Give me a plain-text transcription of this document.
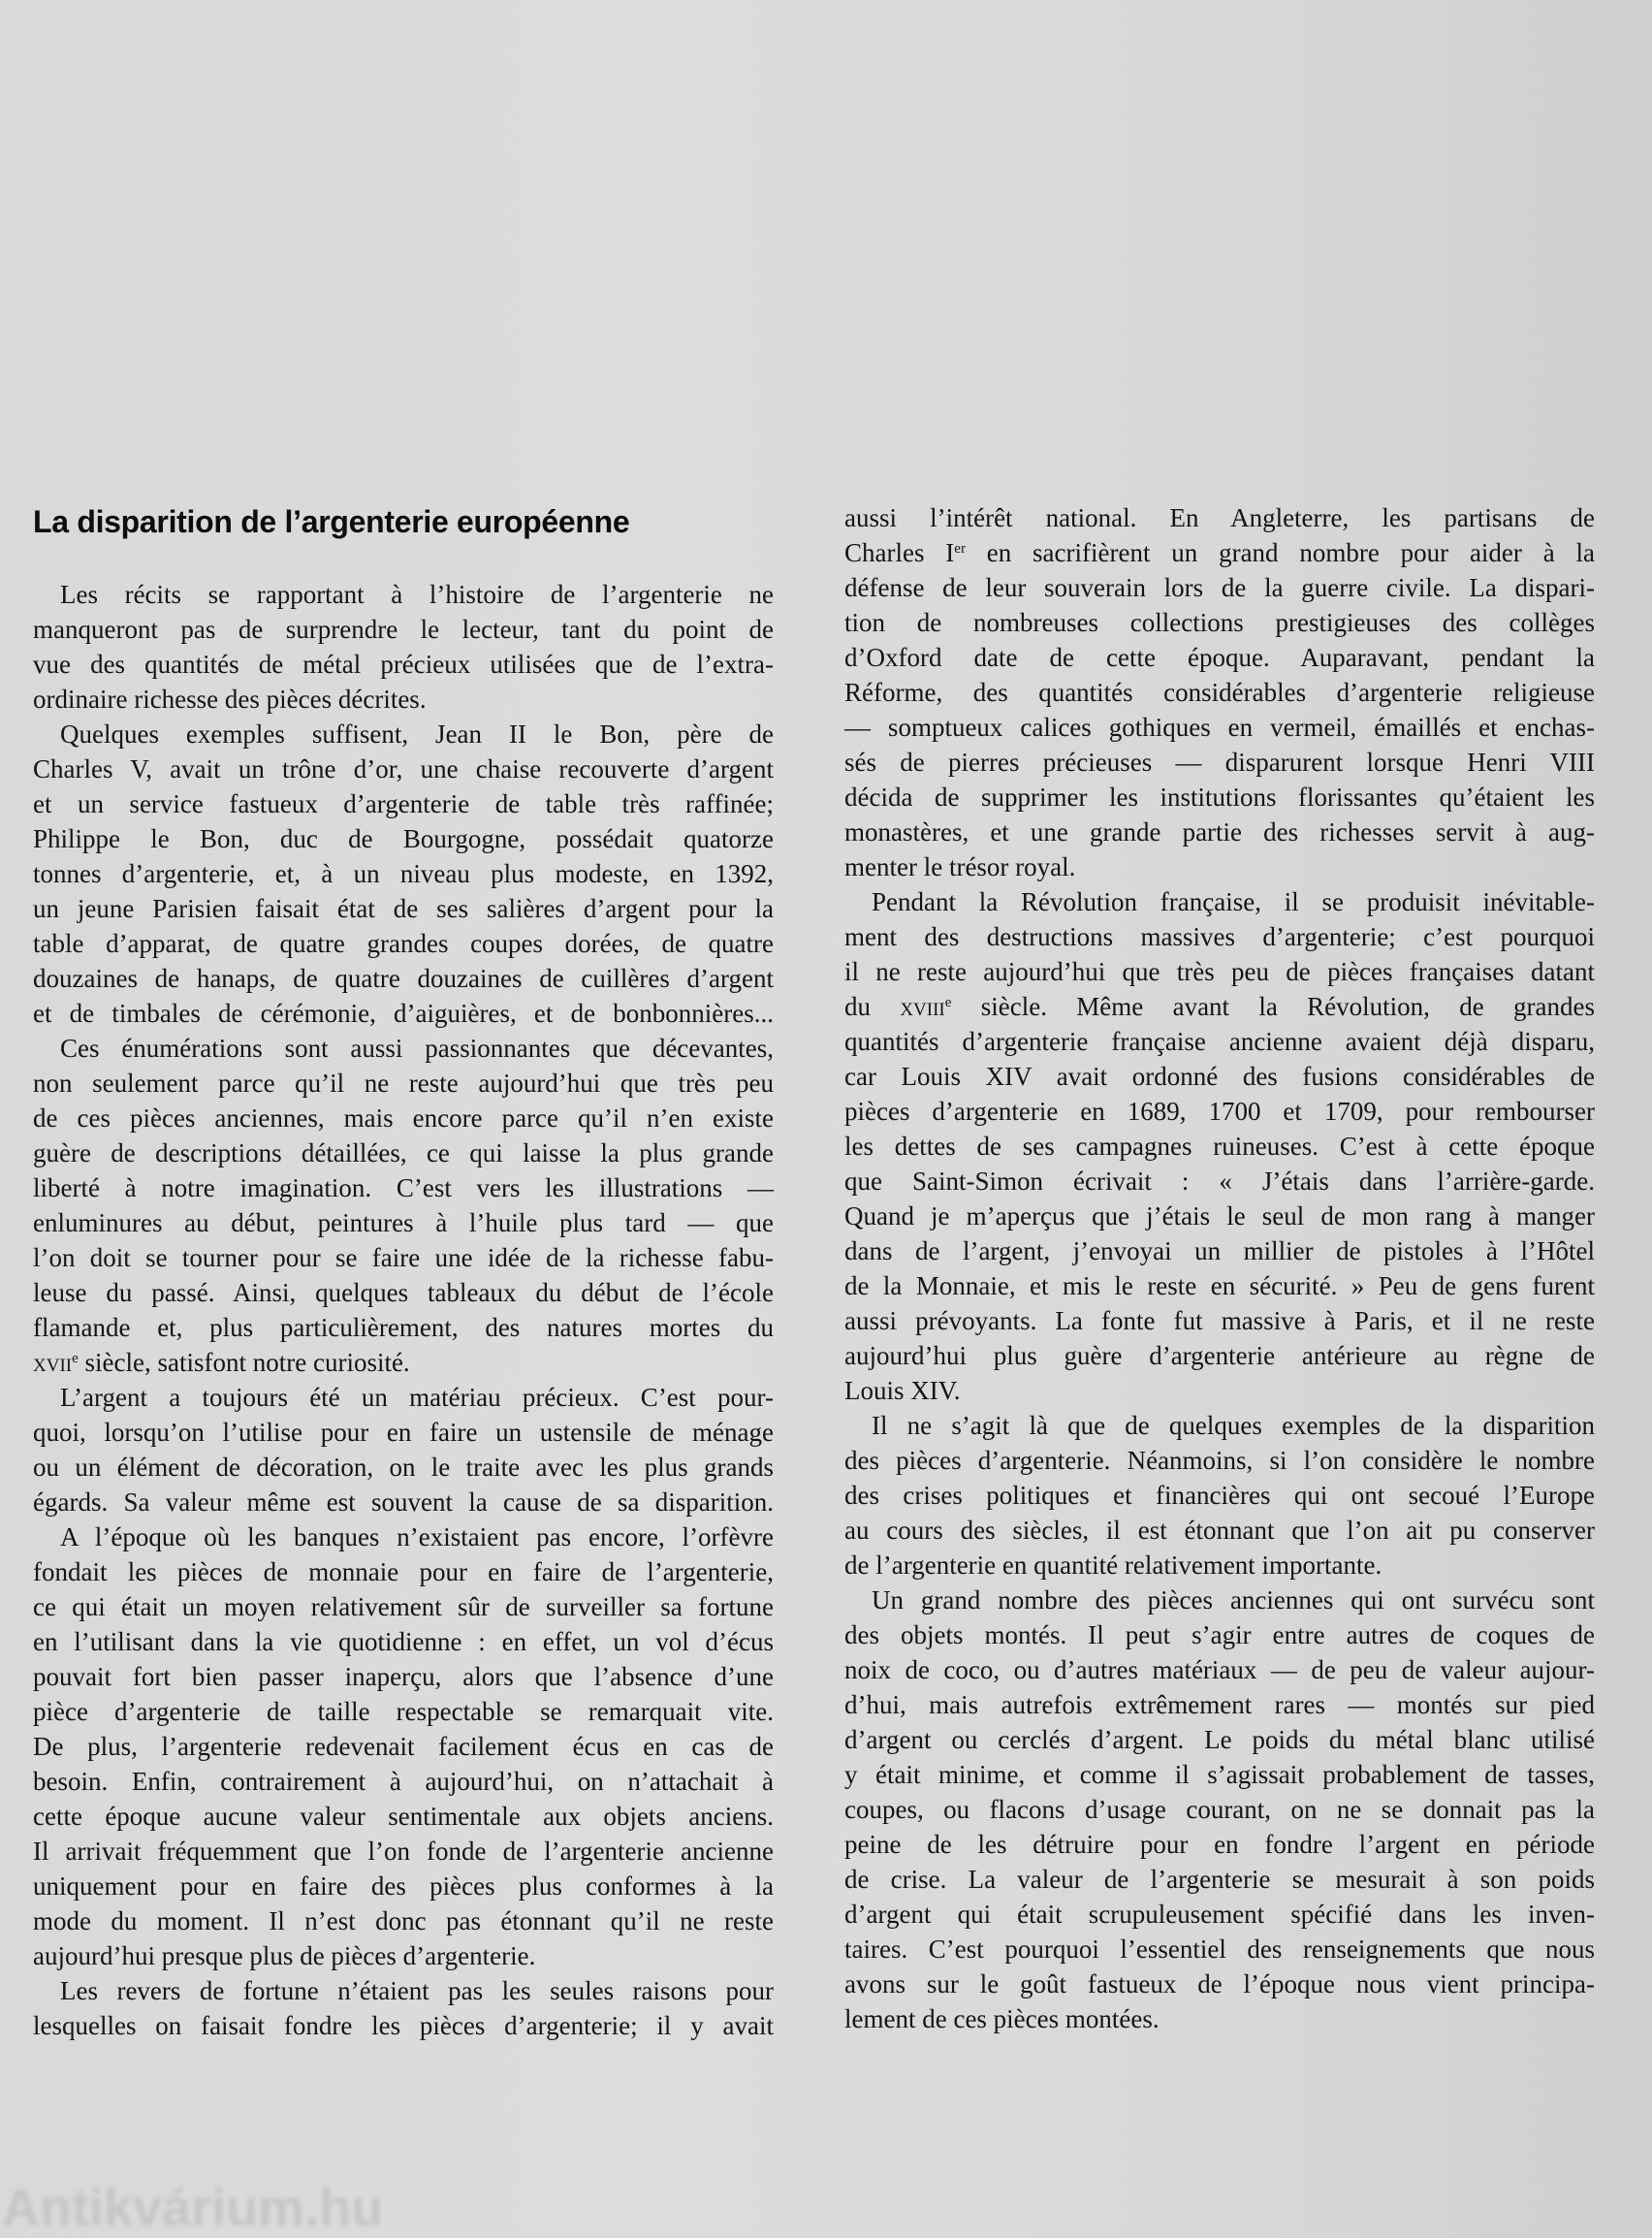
La disparition de l’argenterie européenne
Les récits se rapportant à l’histoire de l’argenterie ne
manqueront pas de surprendre le lecteur, tant du point de
vue des quantités de métal précieux utilisées que de l’extra-
ordinaire richesse des pièces décrites.
Quelques exemples suffisent, Jean II le Bon, père de
Charles V, avait un trône d’or, une chaise recouverte d’argent
et un service fastueux d’argenterie de table très raffinée;
Philippe le Bon, duc de Bourgogne, possédait quatorze
tonnes d’argenterie, et, à un niveau plus modeste, en 1392,
un jeune Parisien faisait état de ses salières d’argent pour la
table d’apparat, de quatre grandes coupes dorées, de quatre
douzaines de hanaps, de quatre douzaines de cuillères d’argent
et de timbales de cérémonie, d’aiguières, et de bonbonnières...
Ces énumérations sont aussi passionnantes que décevantes,
non seulement parce qu’il ne reste aujourd’hui que très peu
de ces pièces anciennes, mais encore parce qu’il n’en existe
guère de descriptions détaillées, ce qui laisse la plus grande
liberté à notre imagination. C’est vers les illustrations —
enluminures au début, peintures à l’huile plus tard — que
l’on doit se tourner pour se faire une idée de la richesse fabu-
leuse du passé. Ainsi, quelques tableaux du début de l’école
flamande et, plus particulièrement, des natures mortes du
xvii$^e$ siècle, satisfont notre curiosité.
L’argent a toujours été un matériau précieux. C’est pour-
quoi, lorsqu’on l’utilise pour en faire un ustensile de ménage
ou un élément de décoration, on le traite avec les plus grands
égards. Sa valeur même est souvent la cause de sa disparition.
A l’époque où les banques n’existaient pas encore, l’orfèvre
fondait les pièces de monnaie pour en faire de l’argenterie,
ce qui était un moyen relativement sûr de surveiller sa fortune
en l’utilisant dans la vie quotidienne : en effet, un vol d’écus
pouvait fort bien passer inaperçu, alors que l’absence d’une
pièce d’argenterie de taille respectable se remarquait vite.
De plus, l’argenterie redevenait facilement écus en cas de
besoin. Enfin, contrairement à aujourd’hui, on n’attachait à
cette époque aucune valeur sentimentale aux objets anciens.
Il arrivait fréquemment que l’on fonde de l’argenterie ancienne
uniquement pour en faire des pièces plus conformes à la
mode du moment. Il n’est donc pas étonnant qu’il ne reste
aujourd’hui presque plus de pièces d’argenterie.
Les revers de fortune n’étaient pas les seules raisons pour
lesquelles on faisait fondre les pièces d’argenterie; il y avait
aussi l’intérêt national. En Angleterre, les partisans de
Charles Ier en sacrifièrent un grand nombre pour aider à la
défense de leur souverain lors de la guerre civile. La dispari-
tion de nombreuses collections prestigieuses des collèges
d’Oxford date de cette époque. Auparavant, pendant la
Réforme, des quantités considérables d’argenterie religieuse
— somptueux calices gothiques en vermeil, émaillés et enchas-
sés de pierres précieuses — disparurent lorsque Henri VIII
décida de supprimer les institutions florissantes qu’étaient les
monastères, et une grande partie des richesses servit à aug-
menter le trésor royal.
Pendant la Révolution française, il se produisit inévitable-
ment des destructions massives d’argenterie; c’est pourquoi
il ne reste aujourd’hui que très peu de pièces françaises datant
du xviii$^e$ siècle. Même avant la Révolution, de grandes
quantités d’argenterie française ancienne avaient déjà disparu,
car Louis XIV avait ordonné des fusions considérables de
pièces d’argenterie en 1689, 1700 et 1709, pour rembourser
les dettes de ses campagnes ruineuses. C’est à cette époque
que Saint-Simon écrivait : « J’étais dans l’arrière-garde.
Quand je m’aperçus que j’étais le seul de mon rang à manger
dans de l’argent, j’envoyai un millier de pistoles à l’Hôtel
de la Monnaie, et mis le reste en sécurité. » Peu de gens furent
aussi prévoyants. La fonte fut massive à Paris, et il ne reste
aujourd’hui plus guère d’argenterie antérieure au règne de
Louis XIV.
Il ne s’agit là que de quelques exemples de la disparition
des pièces d’argenterie. Néanmoins, si l’on considère le nombre
des crises politiques et financières qui ont secoué l’Europe
au cours des siècles, il est étonnant que l’on ait pu conserver
de l’argenterie en quantité relativement importante.
Un grand nombre des pièces anciennes qui ont survécu sont
des objets montés. Il peut s’agir entre autres de coques de
noix de coco, ou d’autres matériaux — de peu de valeur aujour-
d’hui, mais autrefois extrêmement rares — montés sur pied
d’argent ou cerclés d’argent. Le poids du métal blanc utilisé
y était minime, et comme il s’agissait probablement de tasses,
coupes, ou flacons d’usage courant, on ne se donnait pas la
peine de les détruire pour en fondre l’argent en période
de crise. La valeur de l’argenterie se mesurait à son poids
d’argent qui était scrupuleusement spécifié dans les inven-
taires. C’est pourquoi l’essentiel des renseignements que nous
avons sur le goût fastueux de l’époque nous vient principa-
lement de ces pièces montées.
Antikvárium.hu
